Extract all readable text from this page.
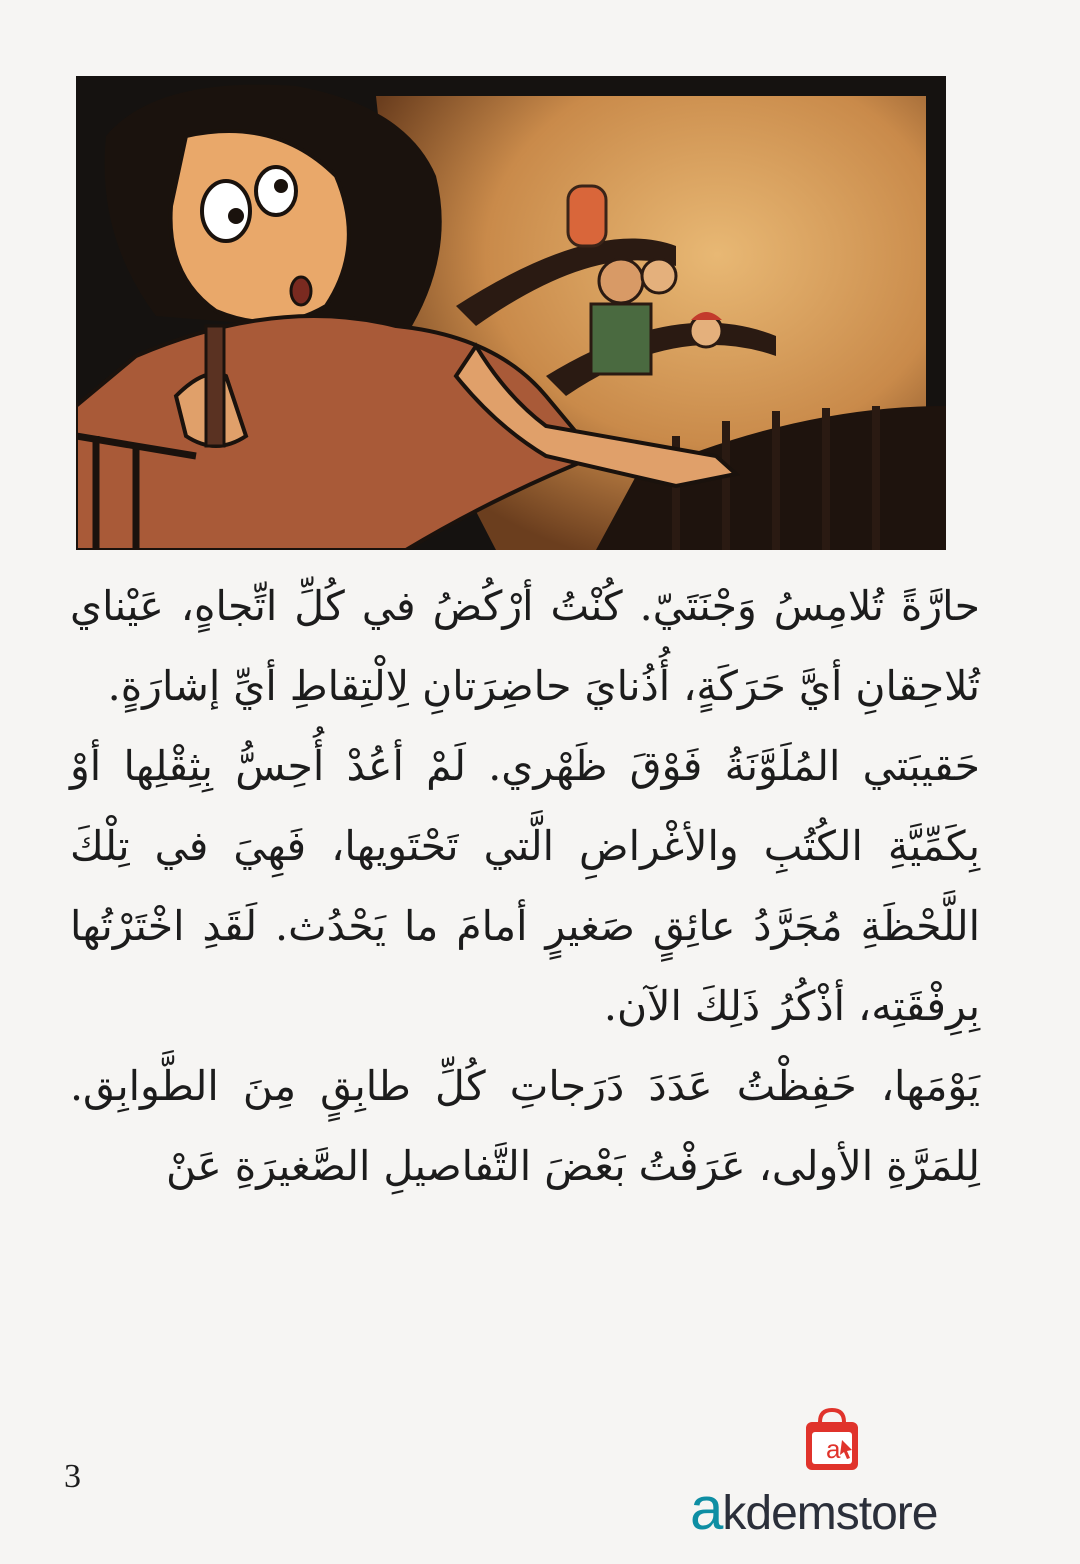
حارَّةً تُلامِسُ وَجْنَتَيّ. كُنْتُ أرْكُضُ في كُلِّ اتِّجاهٍ، عَيْناي تُلاحِقانِ أيَّ حَرَكَةٍ، أُذُنايَ حاضِرَتانِ لِالْتِقاطِ أيِّ إشارَةٍ.

حَقيبَتي المُلَوَّنَةُ فَوْقَ ظَهْري. لَمْ أعُدْ أُحِسُّ بِثِقْلِها أوْ بِكَمِّيَّةِ الكُتُبِ والأغْراضِ الَّتي تَحْتَويها، فَهِيَ في تِلْكَ اللَّحْظَةِ مُجَرَّدُ عائِقٍ صَغيرٍ أمامَ ما يَحْدُث. لَقَدِ اخْتَرْتُها بِرِفْقَتِه، أذْكُرُ ذَلِكَ الآن.

يَوْمَها، حَفِظْتُ عَدَدَ دَرَجاتِ كُلِّ طابِقٍ مِنَ الطَّوابِق. لِلمَرَّةِ الأولى، عَرَفْتُ بَعْضَ التَّفاصيلِ الصَّغيرَةِ عَنْ

3
a
akdemstore
